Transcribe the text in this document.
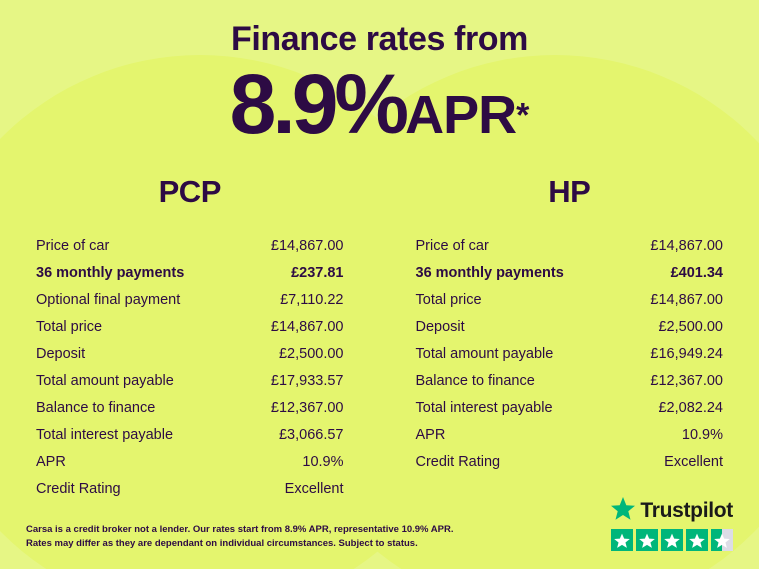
Finance rates from
8.9%APR*
PCP
Price of car	£14,867.00
36 monthly payments	£237.81
Optional final payment	£7,110.22
Total price	£14,867.00
Deposit	£2,500.00
Total amount payable	£17,933.57
Balance to finance	£12,367.00
Total interest payable	£3,066.57
APR	10.9%
Credit Rating	Excellent
HP
Price of car	£14,867.00
36 monthly payments	£401.34
Total price	£14,867.00
Deposit	£2,500.00
Total amount payable	£16,949.24
Balance to finance	£12,367.00
Total interest payable	£2,082.24
APR	10.9%
Credit Rating	Excellent
Carsa is a credit broker not a lender. Our rates start from 8.9% APR, representative 10.9% APR.
Rates may differ as they are dependant on individual circumstances. Subject to status.
Trustpilot
